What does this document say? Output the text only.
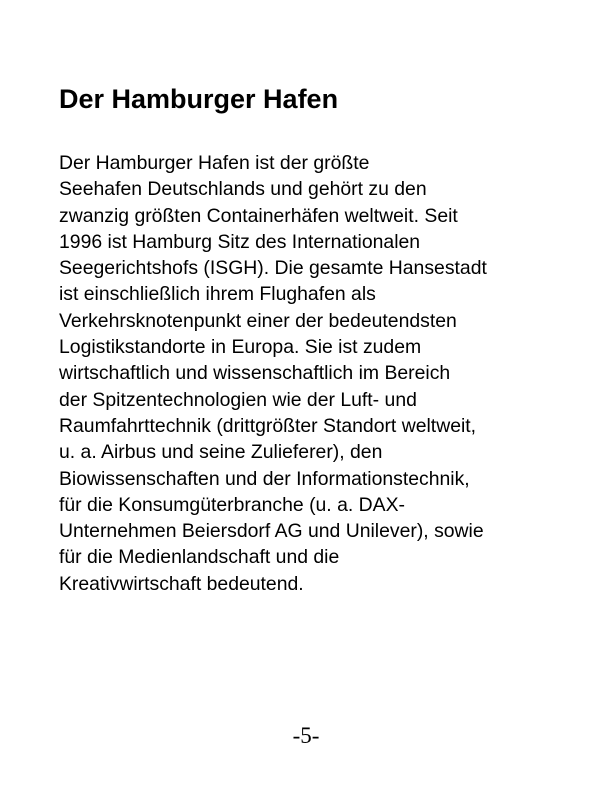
Der Hamburger Hafen
Der Hamburger Hafen ist der größte
Seehafen Deutschlands und gehört zu den
zwanzig größten Containerhäfen weltweit. Seit
1996 ist Hamburg Sitz des Internationalen
Seegerichtshofs (ISGH). Die gesamte Hansestadt
ist einschließlich ihrem Flughafen als
Verkehrsknotenpunkt einer der bedeutendsten
Logistikstandorte in Europa. Sie ist zudem
wirtschaftlich und wissenschaftlich im Bereich
der Spitzentechnologien wie der Luft- und
Raumfahrttechnik (drittgrößter Standort weltweit,
u. a. Airbus und seine Zulieferer), den
Biowissenschaften und der Informationstechnik,
für die Konsumgüterbranche (u. a. DAX-
Unternehmen Beiersdorf AG und Unilever), sowie
für die Medienlandschaft und die
Kreativwirtschaft bedeutend.
-5-
